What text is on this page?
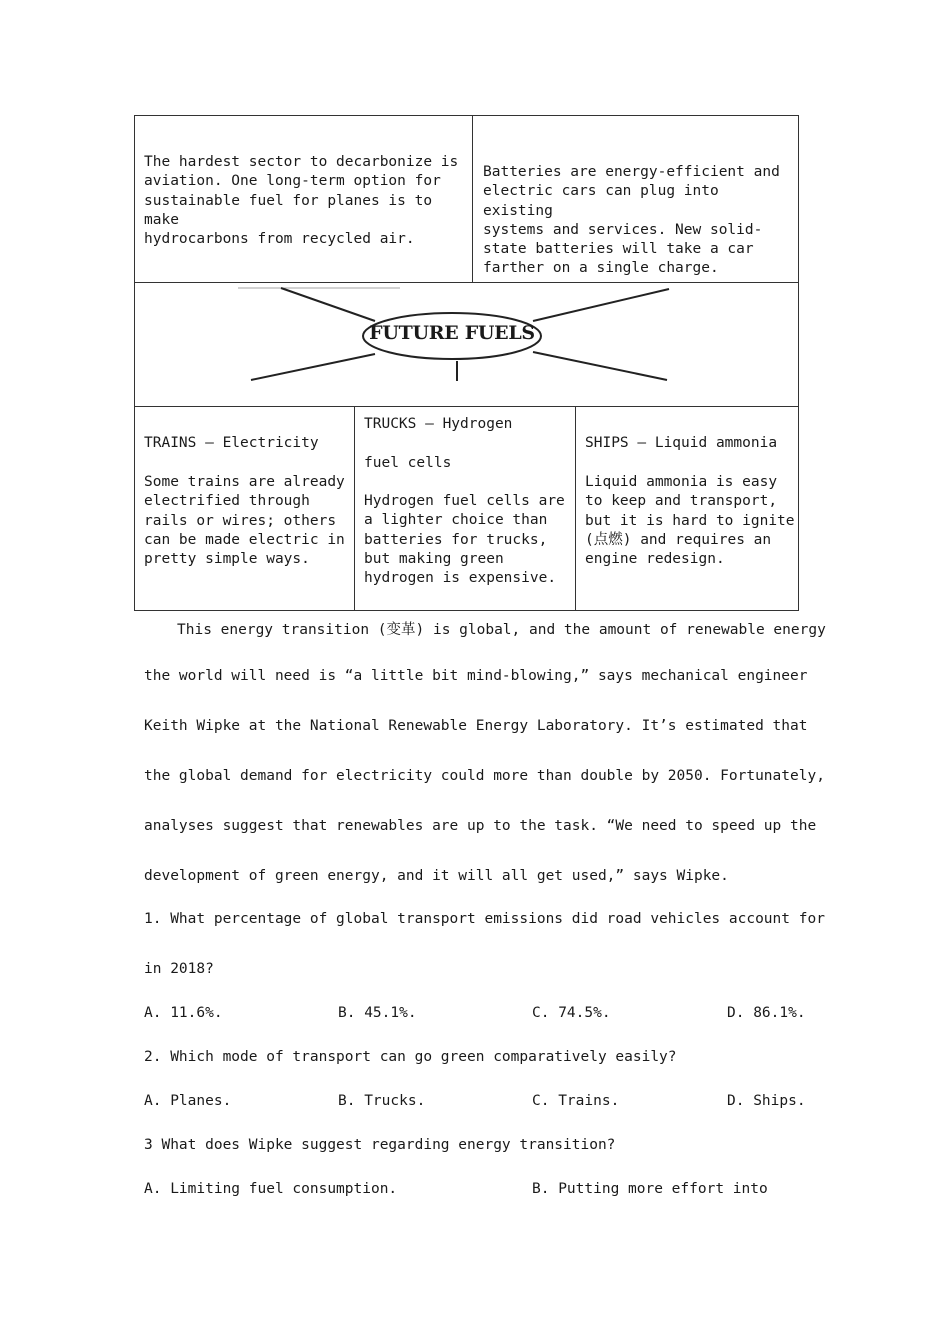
The hardest sector to decarbonize is
aviation. One long-term option for
sustainable fuel for planes is to make
hydrocarbons from recycled air.
Batteries are energy-efficient and
electric cars can plug into existing
systems and services. New solid-
state batteries will take a car
farther on a single charge.
FUTURE FUELS
TRAINS — Electricity
Some trains are already
electrified through
rails or wires; others
can be made electric in
pretty simple ways.
TRUCKS — Hydrogen
fuel cells
Hydrogen fuel cells are
a lighter choice than
batteries for trucks,
but making green
hydrogen is expensive.
SHIPS — Liquid ammonia
Liquid ammonia is easy
to keep and transport,
but it is hard to ignite
(点燃) and requires an
engine redesign.
This energy transition (变革) is global, and the amount of renewable energy
the world will need is “a little bit mind-blowing,” says mechanical engineer
Keith Wipke at the National Renewable Energy Laboratory. It’s estimated that
the global demand for electricity could more than double by 2050. Fortunately,
analyses suggest that renewables are up to the task. “We need to speed up the
development of green energy, and it will all get used,” says Wipke.
1. What percentage of global transport emissions did road vehicles account for
in 2018?
A. 11.6%.	B. 45.1%.	C. 74.5%.	D. 86.1%.
2. Which mode of transport can go green comparatively easily?
A. Planes.	B. Trucks.	C. Trains.	D. Ships.
3 What does Wipke suggest regarding energy transition?
A. Limiting fuel consumption.	B. Putting more effort into
